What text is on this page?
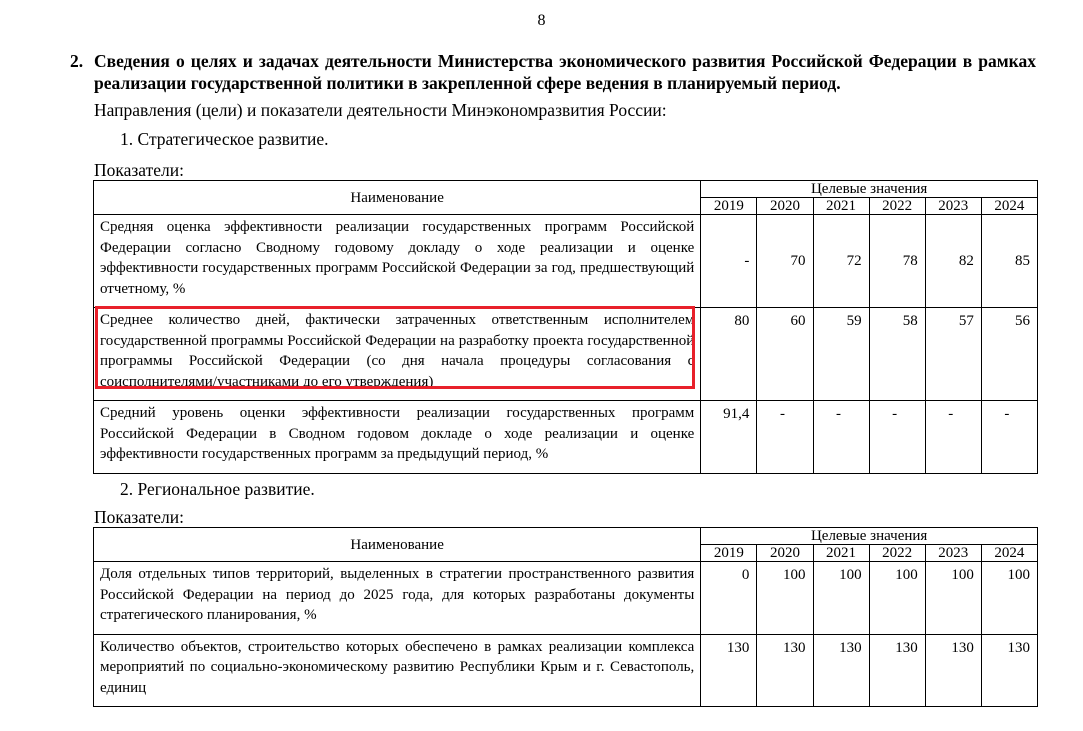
8
2. Сведения о целях и задачах деятельности Министерства экономического развития Российской Федерации в рамках реализации государственной политики в закрепленной сфере ведения в планируемый период.
Направления (цели) и показатели деятельности Минэкономразвития России:
1. Стратегическое развитие.
Показатели:
Наименование	Целевые значения					
	2019	2020	2021	2022	2023	2024
Средняя оценка эффективности реализации государственных программ Российской Федерации согласно Сводному годовому докладу о ходе реализации и оценке эффективности государственных программ Российской Федерации за год, предшествующий отчетному, %	-	70	72	78	82	85
Среднее количество дней, фактически затраченных ответственным исполнителем государственной программы Российской Федерации на разработку проекта государственной программы Российской Федерации (со дня начала процедуры согласования с соисполнителями/участниками до его утверждения)	80	60	59	58	57	56
Средний уровень оценки эффективности реализации государственных программ Российской Федерации в Сводном годовом докладе о ходе реализации и оценке эффективности государственных программ за предыдущий период, %	91,4	-	-	-	-	-
2. Региональное развитие.
Показатели:
Наименование	Целевые значения					
	2019	2020	2021	2022	2023	2024
Доля отдельных типов территорий, выделенных в стратегии пространственного развития Российской Федерации на период до 2025 года, для которых разработаны документы стратегического планирования, %	0	100	100	100	100	100
Количество объектов, строительство которых обеспечено в рамках реализации комплекса мероприятий по социально-экономическому развитию Республики Крым и г. Севастополь, единиц	130	130	130	130	130	130
